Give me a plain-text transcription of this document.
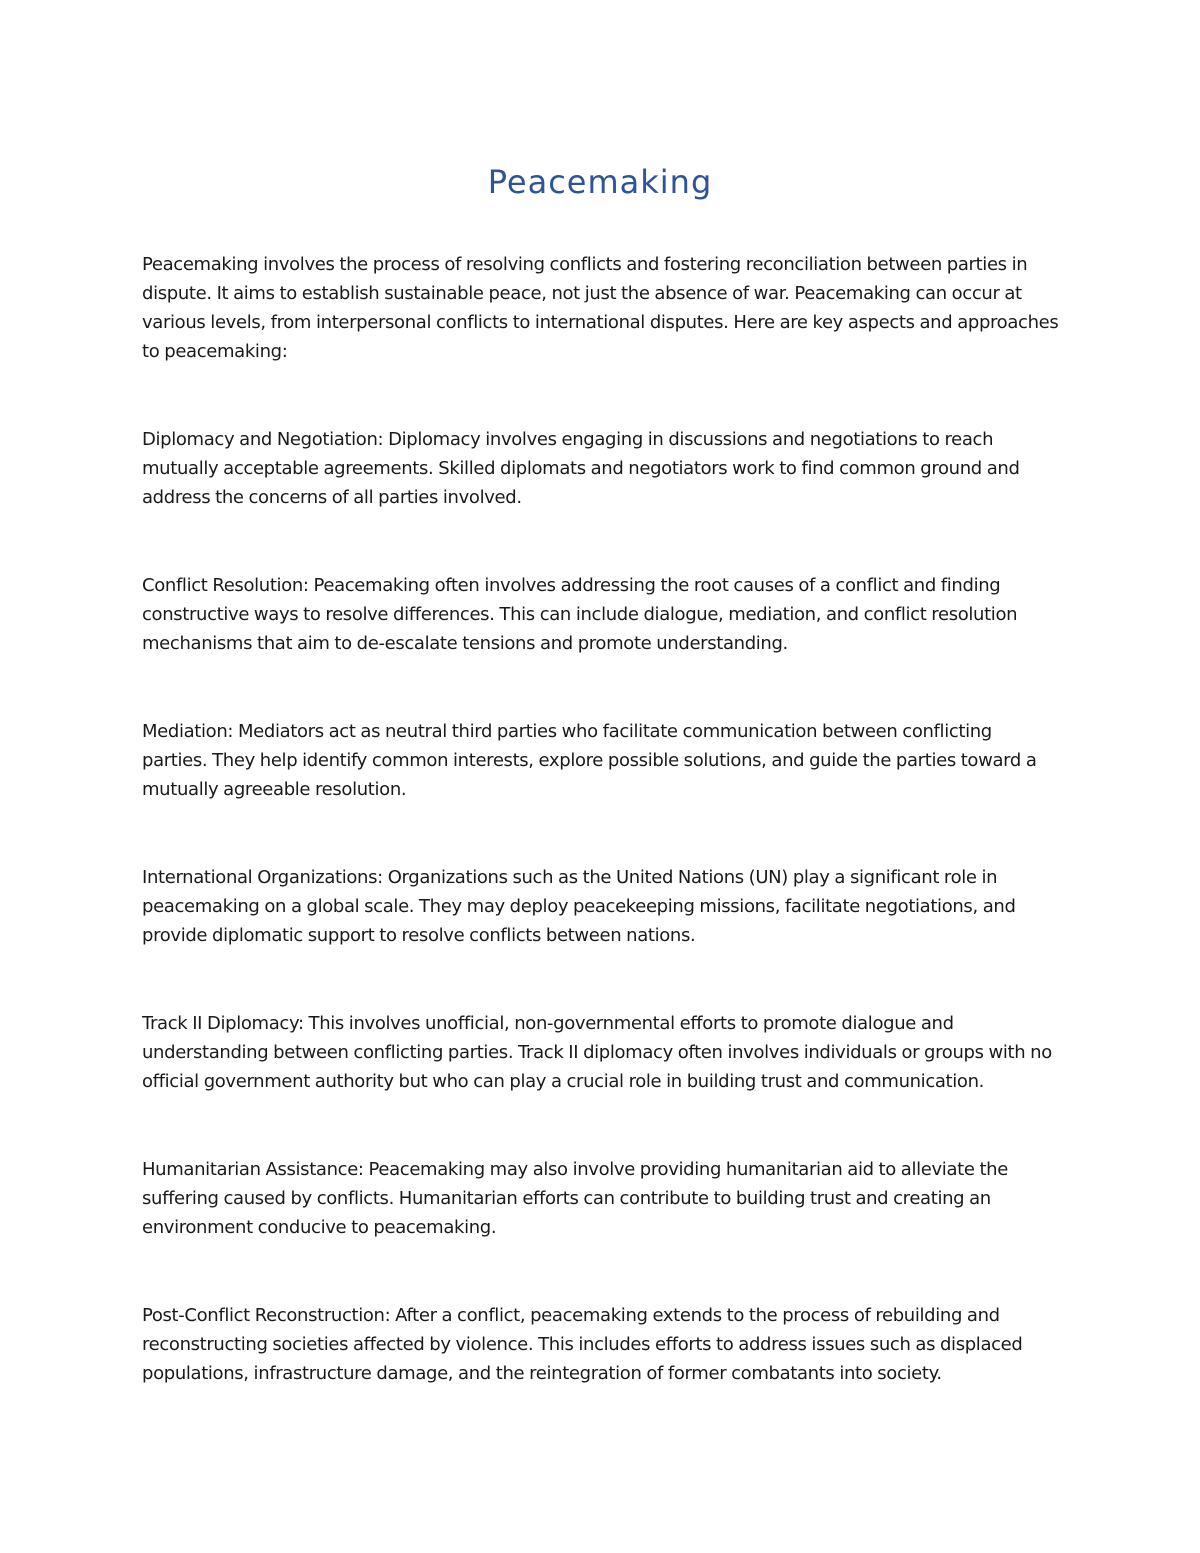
Peacemaking

Peacemaking involves the process of resolving conflicts and fostering reconciliation between parties in dispute. It aims to establish sustainable peace, not just the absence of war. Peacemaking can occur at various levels, from interpersonal conflicts to international disputes. Here are key aspects and approaches to peacemaking:

Diplomacy and Negotiation: Diplomacy involves engaging in discussions and negotiations to reach mutually acceptable agreements. Skilled diplomats and negotiators work to find common ground and address the concerns of all parties involved.

Conflict Resolution: Peacemaking often involves addressing the root causes of a conflict and finding constructive ways to resolve differences. This can include dialogue, mediation, and conflict resolution mechanisms that aim to de-escalate tensions and promote understanding.

Mediation: Mediators act as neutral third parties who facilitate communication between conflicting parties. They help identify common interests, explore possible solutions, and guide the parties toward a mutually agreeable resolution.

International Organizations: Organizations such as the United Nations (UN) play a significant role in peacemaking on a global scale. They may deploy peacekeeping missions, facilitate negotiations, and provide diplomatic support to resolve conflicts between nations.

Track II Diplomacy: This involves unofficial, non-governmental efforts to promote dialogue and understanding between conflicting parties. Track II diplomacy often involves individuals or groups with no official government authority but who can play a crucial role in building trust and communication.

Humanitarian Assistance: Peacemaking may also involve providing humanitarian aid to alleviate the suffering caused by conflicts. Humanitarian efforts can contribute to building trust and creating an environment conducive to peacemaking.

Post-Conflict Reconstruction: After a conflict, peacemaking extends to the process of rebuilding and reconstructing societies affected by violence. This includes efforts to address issues such as displaced populations, infrastructure damage, and the reintegration of former combatants into society.
